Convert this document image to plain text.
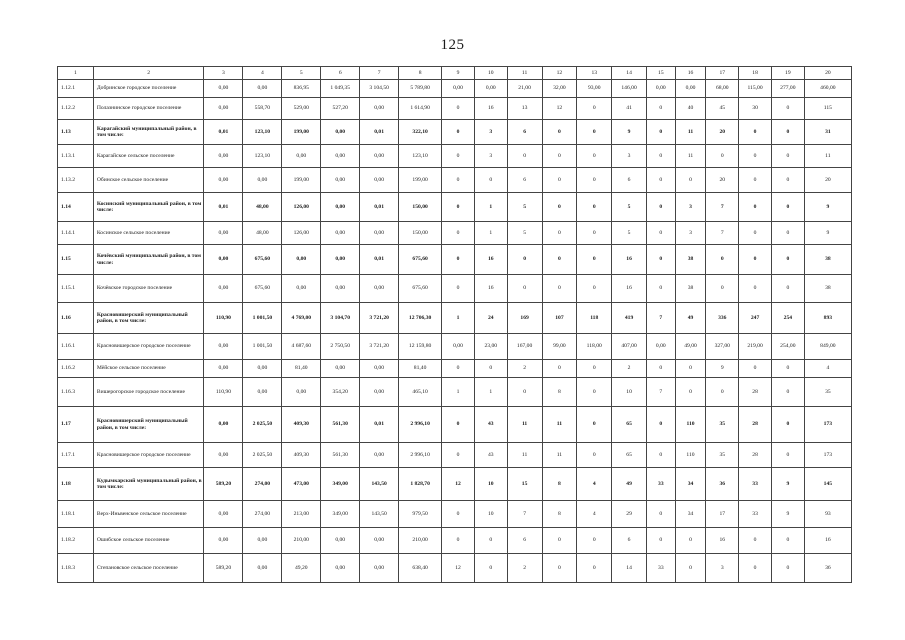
125
1	2	3	4	5	6	7	8	9	10	11	12	13	14	15	16	17	18	19	20
1.12.1	Добринское городское поселение	0,00	0,00	836,95	1 049,35	3 104,50	5 789,80	0,00	0,00	21,00	32,00	93,00	146,00	0,00	0,00	68,00	115,00	277,00	460,00
1.12.2	Полазнинское городское поселение	0,00	558,70	529,00	527,20	0,00	1 614,90	0	16	13	12	0	41	0	40	45	30	0	115
1.13	Карагайский муниципальный район, в том числе:	0,01	123,10	199,00	0,00	0,01	322,10	0	3	6	0	0	9	0	11	20	0	0	31
1.13.1	Карагайское сельское поселение	0,00	123,10	0,00	0,00	0,00	123,10	0	3	0	0	0	3	0	11	0	0	0	11
1.13.2	Обинское сельское поселение	0,00	0,00	199,00	0,00	0,00	199,00	0	0	6	0	0	6	0	0	20	0	0	20
1.14	Косинский муниципальный район, в том числе:	0,01	48,00	126,00	0,00	0,01	150,00	0	1	5	0	0	5	0	3	7	0	0	9
1.14.1	Косинское сельское поселение	0,00	48,00	126,00	0,00	0,00	150,00	0	1	5	0	0	5	0	3	7	0	0	9
1.15	Кочёвский муниципальный район, в том числе:	0,00	675,60	0,00	0,00	0,01	675,60	0	16	0	0	0	16	0	38	0	0	0	38
1.15.1	Кочёвское городское поселение	0,00	675,60	0,00	0,00	0,00	675,60	0	16	0	0	0	16	0	38	0	0	0	38
1.16	Красновишерский муниципальный район, в том числе:	110,90	1 001,50	4 769,00	3 104,70	3 721,20	12 706,30	1	24	169	107	118	419	7	49	336	247	254	893
1.16.1	Красновишерское городское поселение	0,00	1 001,50	4 687,60	2 750,50	3 721,20	12 159,80	0,00	23,00	167,00	99,00	118,00	407,00	0,00	49,00	327,00	219,00	254,00	849,00
1.16.2	Мёйское сельское поселение	0,00	0,00	81,40	0,00	0,00	81,40	0	0	2	0	0	2	0	0	9	0	0	4
1.16.3	Вишерогорское городское поселение	110,90	0,00	0,00	354,20	0,00	465,10	1	1	0	8	0	10	7	0	0	28	0	35
1.17	Красновишерский муниципальный район, в том числе:	0,00	2 025,50	409,30	561,30	0,01	2 996,10	0	43	11	11	0	65	0	110	35	28	0	173
1.17.1	Красновишерское городское поселение	0,00	2 025,50	409,30	561,30	0,00	2 996,10	0	43	11	11	0	65	0	110	35	28	0	173
1.18	Кудымкарский муниципальный район, в том числе:	589,20	274,00	473,00	349,00	143,50	1 828,70	12	10	15	8	4	49	33	34	36	33	9	145
1.18.1	Верх-Иньвенское сельское поселение	0,00	274,00	213,00	349,00	143,50	979,50	0	10	7	8	4	29	0	34	17	33	9	93
1.18.2	Ошибское сельское поселение	0,00	0,00	210,00	0,00	0,00	210,00	0	0	6	0	0	6	0	0	16	0	0	16
1.18.3	Степановское сельское поселение	589,20	0,00	49,20	0,00	0,00	638,40	12	0	2	0	0	14	33	0	3	0	0	36
